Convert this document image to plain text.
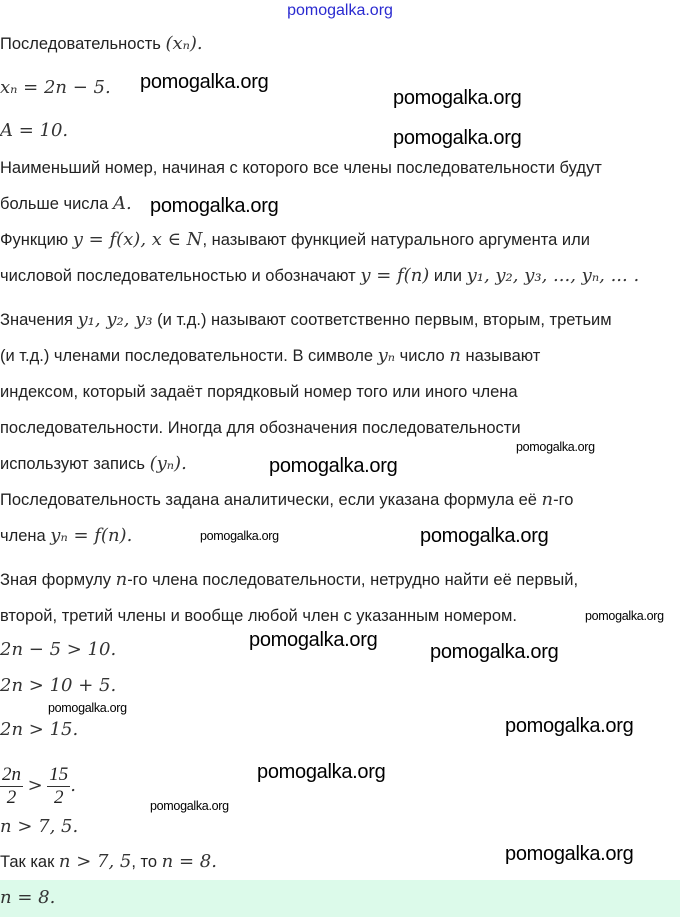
pomogalka.org
n = 8.
$\frac{2n}{2} > \frac{15}{2}$ .
Последовательность (xₙ).
xₙ = 2n − 5.
A = 10.
Наименьший номер, начиная с которого все члены последовательности будут
больше числа A.
Функцию y = f(x), x ∈ N, называют функцией натурального аргумента или
числовой последовательностью и обозначают y = f(n) или y₁, y₂, y₃, ..., yₙ, ... .
Значения y₁, y₂, y₃ (и т.д.) называют соответственно первым, вторым, третьим
(и т.д.) членами последовательности. В символе yₙ число n называют
индексом, который задаёт порядковый номер того или иного члена
последовательности. Иногда для обозначения последовательности
используют запись (yₙ).
Последовательность задана аналитически, если указана формула её n-го
члена yₙ = f(n).
Зная формулу n-го члена последовательности, нетрудно найти её первый,
второй, третий члены и вообще любой член с указанным номером.
2n − 5 > 10.
2n > 10 + 5.
2n > 15.
n > 7, 5.
Так как n > 7, 5, то n = 8.
pomogalka.org
pomogalka.org
pomogalka.org
pomogalka.org
pomogalka.org
pomogalka.org
pomogalka.org
pomogalka.org
pomogalka.org
pomogalka.org
pomogalka.org
pomogalka.org
pomogalka.org
pomogalka.org
pomogalka.org
pomogalka.org
